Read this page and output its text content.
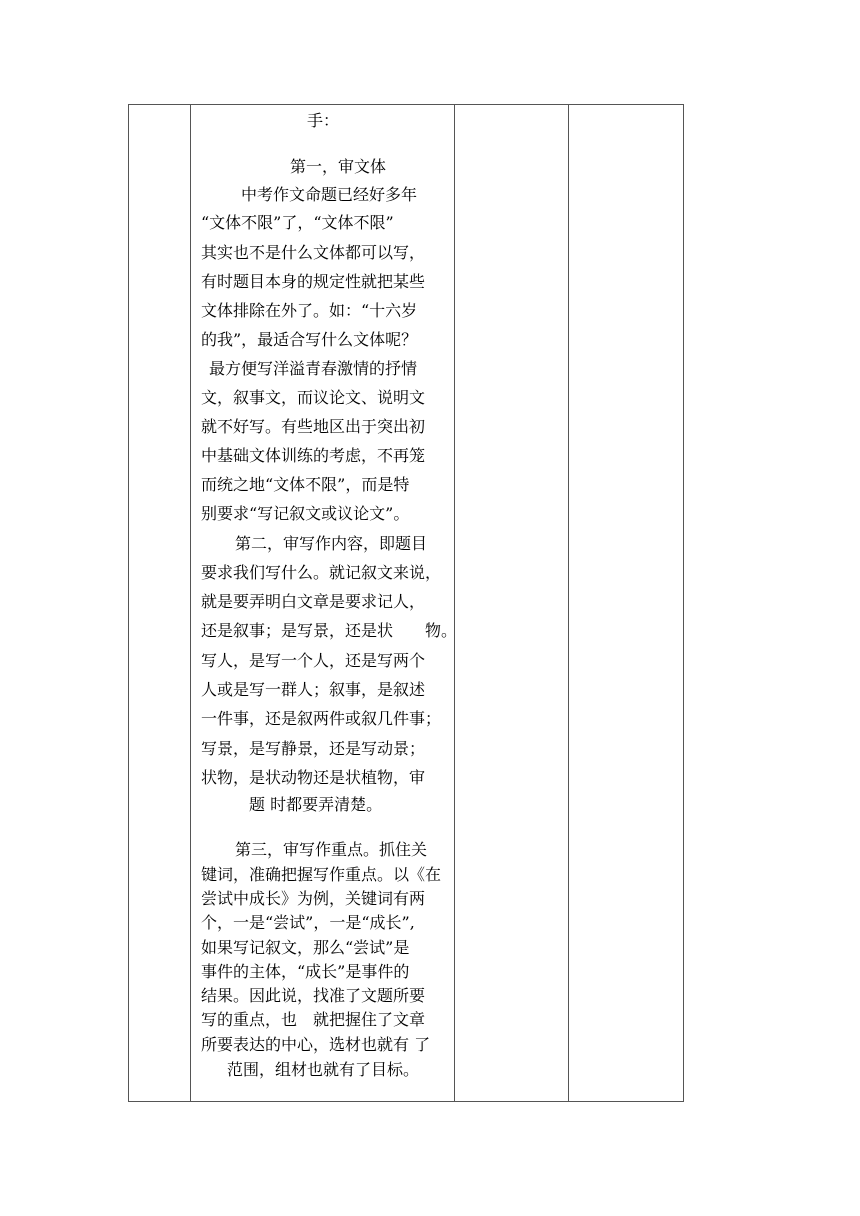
手：
第一，审文体
中考作文命题已经好多年
“文体不限”了，“文体不限”
其实也不是什么文体都可以写，
有时题目本身的规定性就把某些
文体排除在外了。如：“十六岁
的我”，最适合写什么文体呢？
最方便写洋溢青春激情的抒情
文，叙事文，而议论文、说明文
就不好写。有些地区出于突出初
中基础文体训练的考虑，不再笼
而统之地“文体不限”，而是特
别要求“写记叙文或议论文”。
第二，审写作内容，即题目
要求我们写什么。就记叙文来说，
就是要弄明白文章是要求记人，
还是叙事；是写景，还是状　　物。
写人，是写一个人，还是写两个
人或是写一群人；叙事，是叙述
一件事，还是叙两件或叙几件事；
写景，是写静景，还是写动景；
状物，是状动物还是状植物，审
题 时都要弄清楚。
第三，审写作重点。抓住关
键词，准确把握写作重点。以《在
尝试中成长》为例，关键词有两
个，一是“尝试”，一是“成长”,
如果写记叙文，那么“尝试”是
事件的主体，“成长”是事件的
结果。因此说，找准了文题所要
写的重点，也　就把握住了文章
所要表达的中心，选材也就有 了
范围，组材也就有了目标。
